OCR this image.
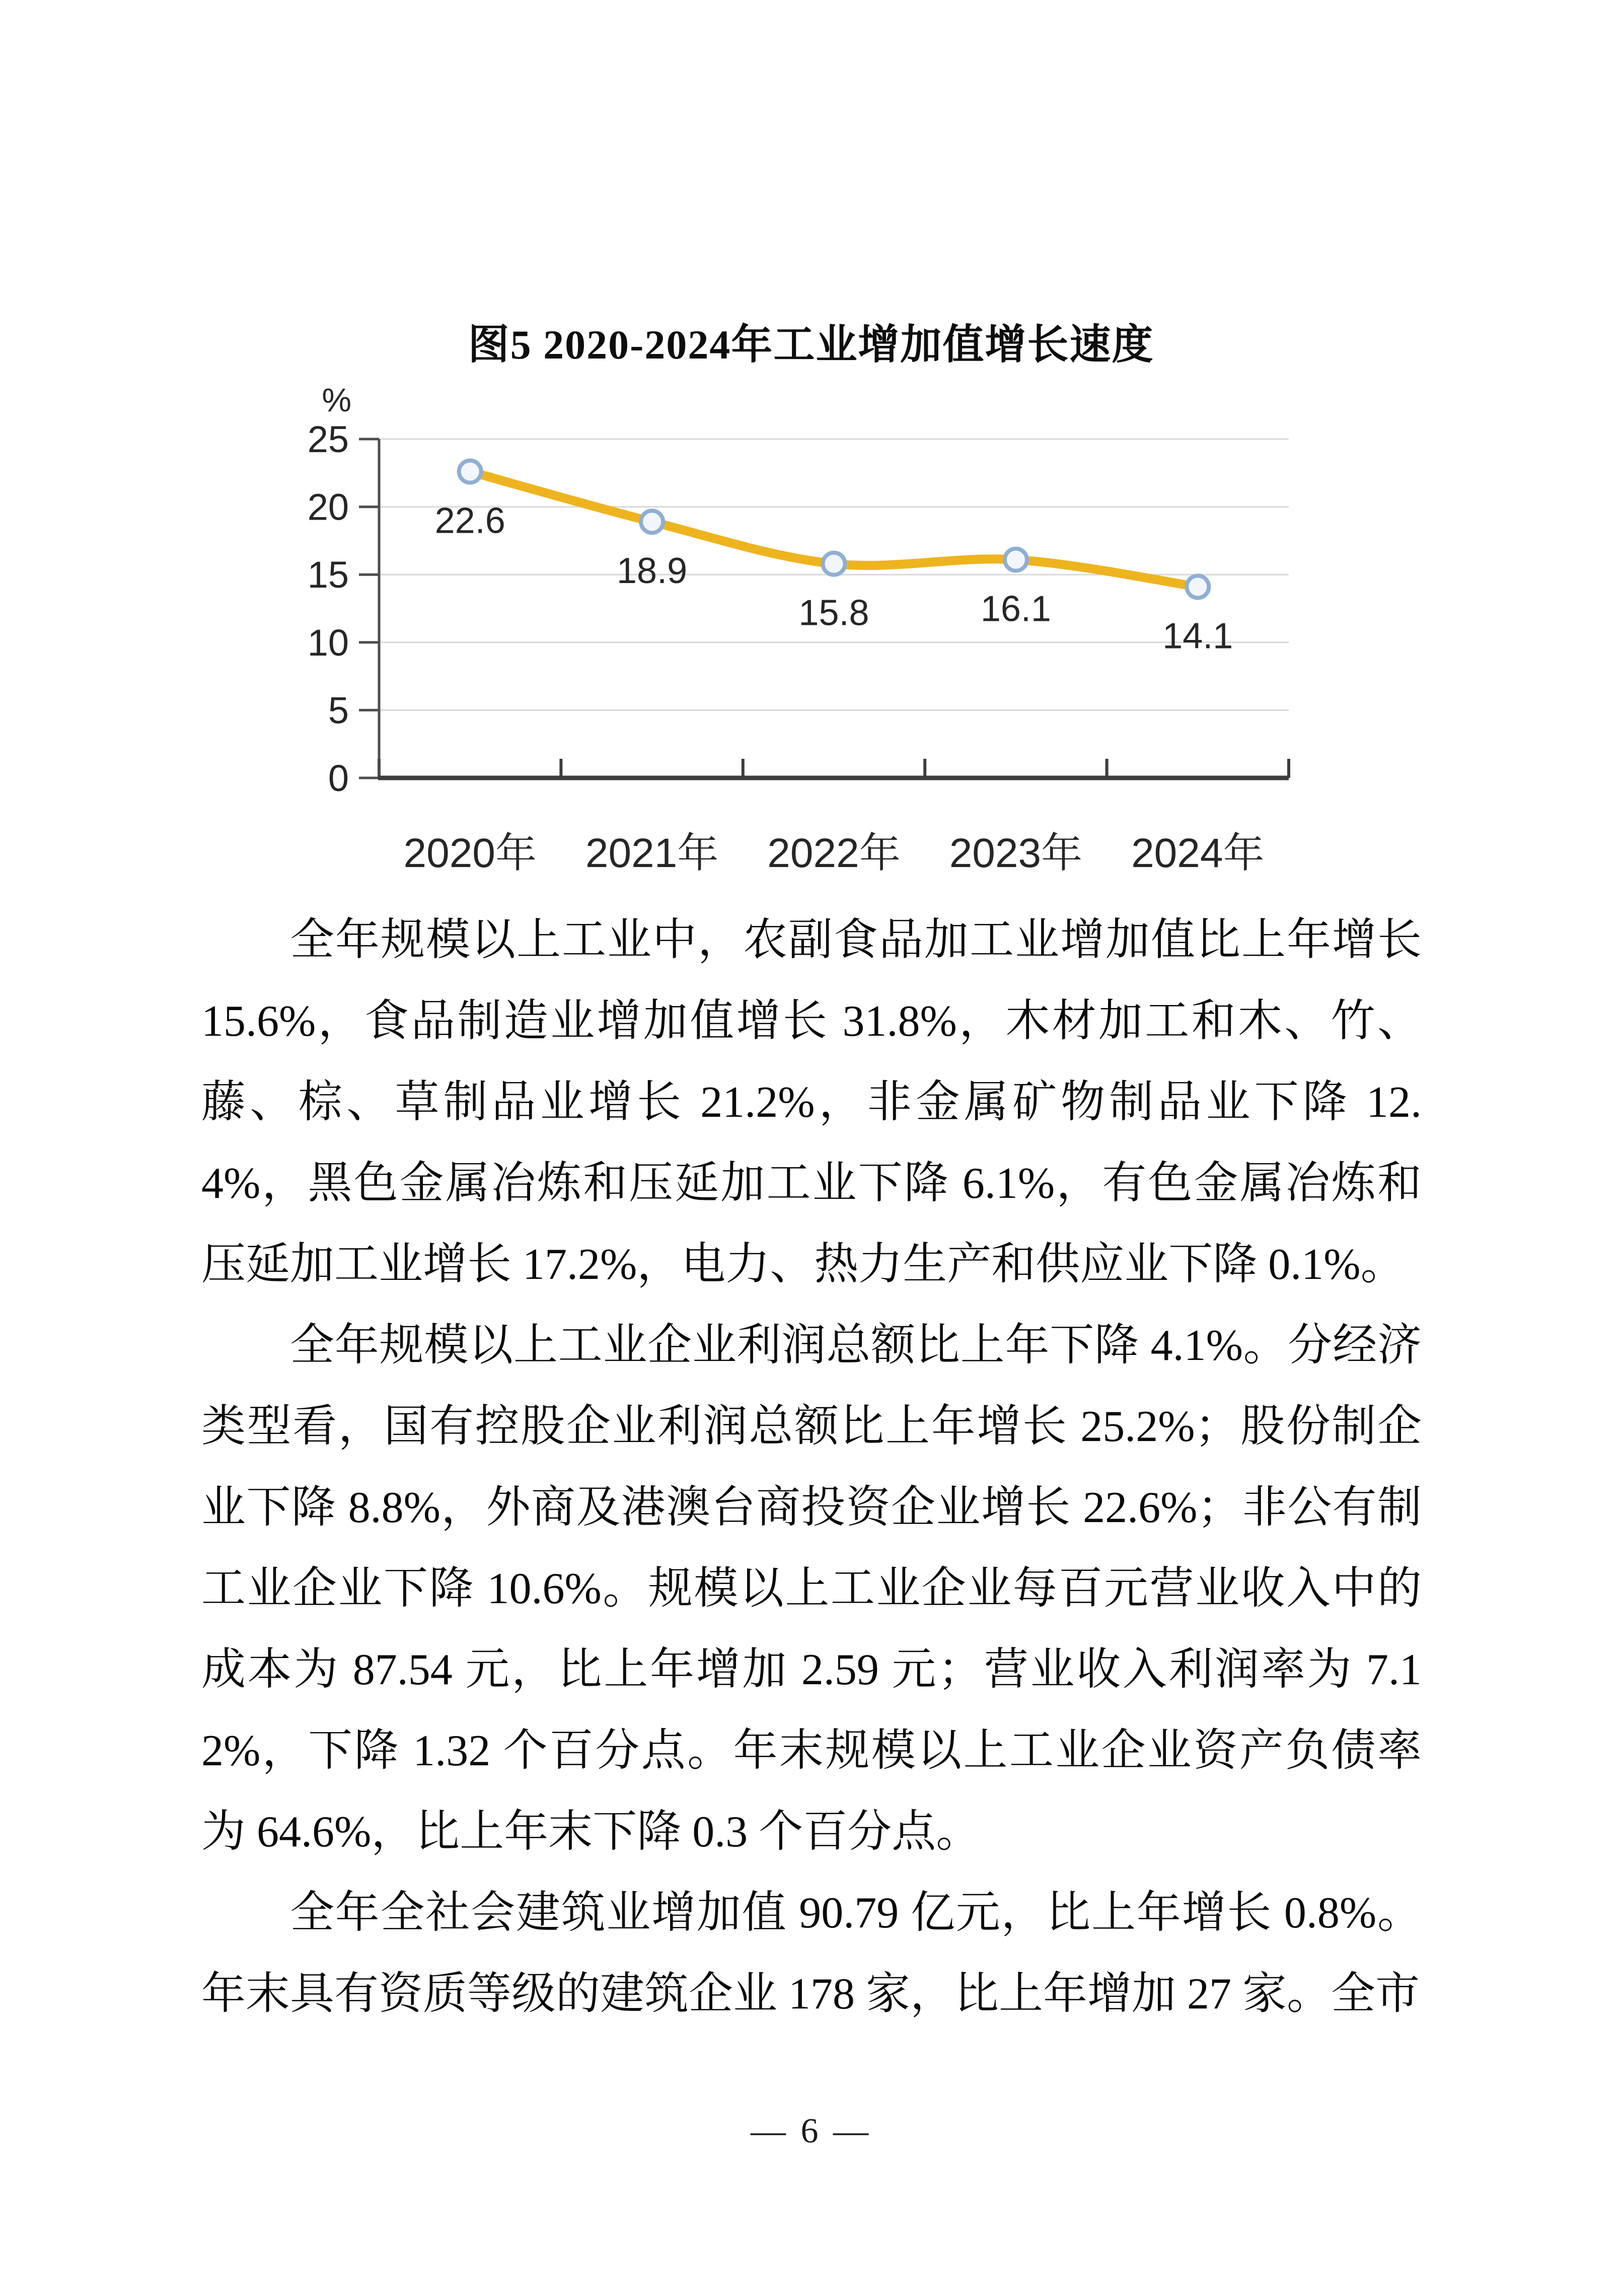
图5 2020-2024年工业增加值增长速度
0
5
10
15
20
25
%
22.6
2020年
18.9
2021年
15.8
2022年
16.1
2023年
14.1
2024年

全年规模以上工业中，农副食品加工业增加值比上年增长 15.6%，食品制造业增加值增长 31.8%，木材加工和木、竹、藤、棕、草制品业增长 21.2%，非金属矿物制品业下降 12.4%，黑色金属冶炼和压延加工业下降 6.1%，有色金属冶炼和压延加工业增长 17.2%，电力、热力生产和供应业下降 0.1%。

全年规模以上工业企业利润总额比上年下降 4.1%。分经济类型看，国有控股企业利润总额比上年增长 25.2%；股份制企业下降 8.8%，外商及港澳台商投资企业增长 22.6%；非公有制工业企业下降 10.6%。规模以上工业企业每百元营业收入中的成本为 87.54 元，比上年增加 2.59 元；营业收入利润率为 7.12%，下降 1.32 个百分点。年末规模以上工业企业资产负债率为 64.6%，比上年末下降 0.3 个百分点。

全年全社会建筑业增加值 90.79 亿元，比上年增长 0.8%。年末具有资质等级的建筑企业 178 家，比上年增加 27 家。全市

— 6 —
